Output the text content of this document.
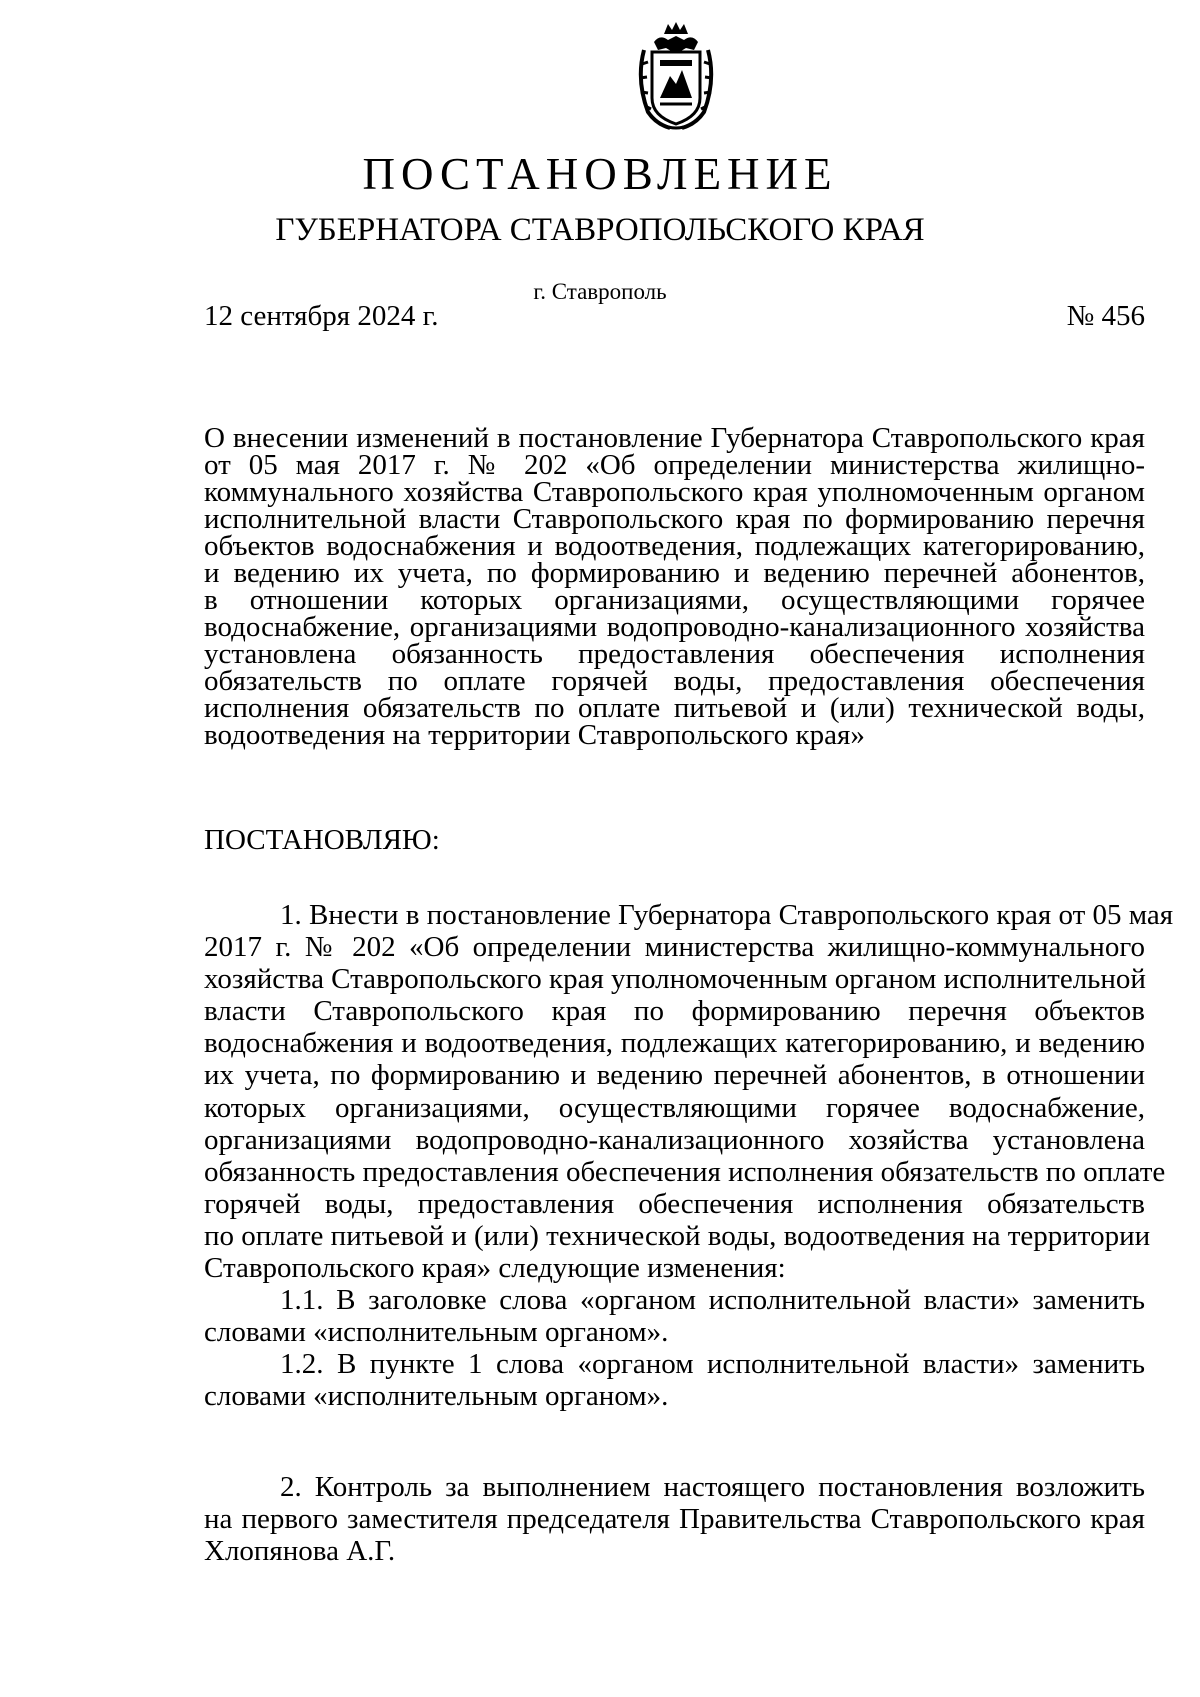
ПОСТАНОВЛЕНИЕ
ГУБЕРНАТОРА СТАВРОПОЛЬСКОГО КРАЯ
г. Ставрополь
12 сентября 2024 г.	№ 456
О внесении изменений в постановление Губернатора Ставропольского края
от 05 мая 2017 г. № 202 «Об определении министерства жилищно-
коммунального хозяйства Ставропольского края уполномоченным органом
исполнительной власти Ставропольского края по формированию перечня
объектов водоснабжения и водоотведения, подлежащих категорированию,
и ведению их учета, по формированию и ведению перечней абонентов,
в отношении которых организациями, осуществляющими горячее
водоснабжение, организациями водопроводно-канализационного хозяйства
установлена обязанность предоставления обеспечения исполнения
обязательств по оплате горячей воды, предоставления обеспечения
исполнения обязательств по оплате питьевой и (или) технической воды,
водоотведения на территории Ставропольского края»
ПОСТАНОВЛЯЮ:
1. Внести в постановление Губернатора Ставропольского края от 05 мая
2017 г. № 202 «Об определении министерства жилищно-коммунального
хозяйства Ставропольского края уполномоченным органом исполнительной
власти Ставропольского края по формированию перечня объектов
водоснабжения и водоотведения, подлежащих категорированию, и ведению
их учета, по формированию и ведению перечней абонентов, в отношении
которых организациями, осуществляющими горячее водоснабжение,
организациями водопроводно-канализационного хозяйства установлена
обязанность предоставления обеспечения исполнения обязательств по оплате
горячей воды, предоставления обеспечения исполнения обязательств
по оплате питьевой и (или) технической воды, водоотведения на территории
Ставропольского края» следующие изменения:
1.1. В заголовке слова «органом исполнительной власти» заменить
словами «исполнительным органом».
1.2. В пункте 1 слова «органом исполнительной власти» заменить
словами «исполнительным органом».
2. Контроль за выполнением настоящего постановления возложить
на первого заместителя председателя Правительства Ставропольского края
Хлопянова А.Г.
